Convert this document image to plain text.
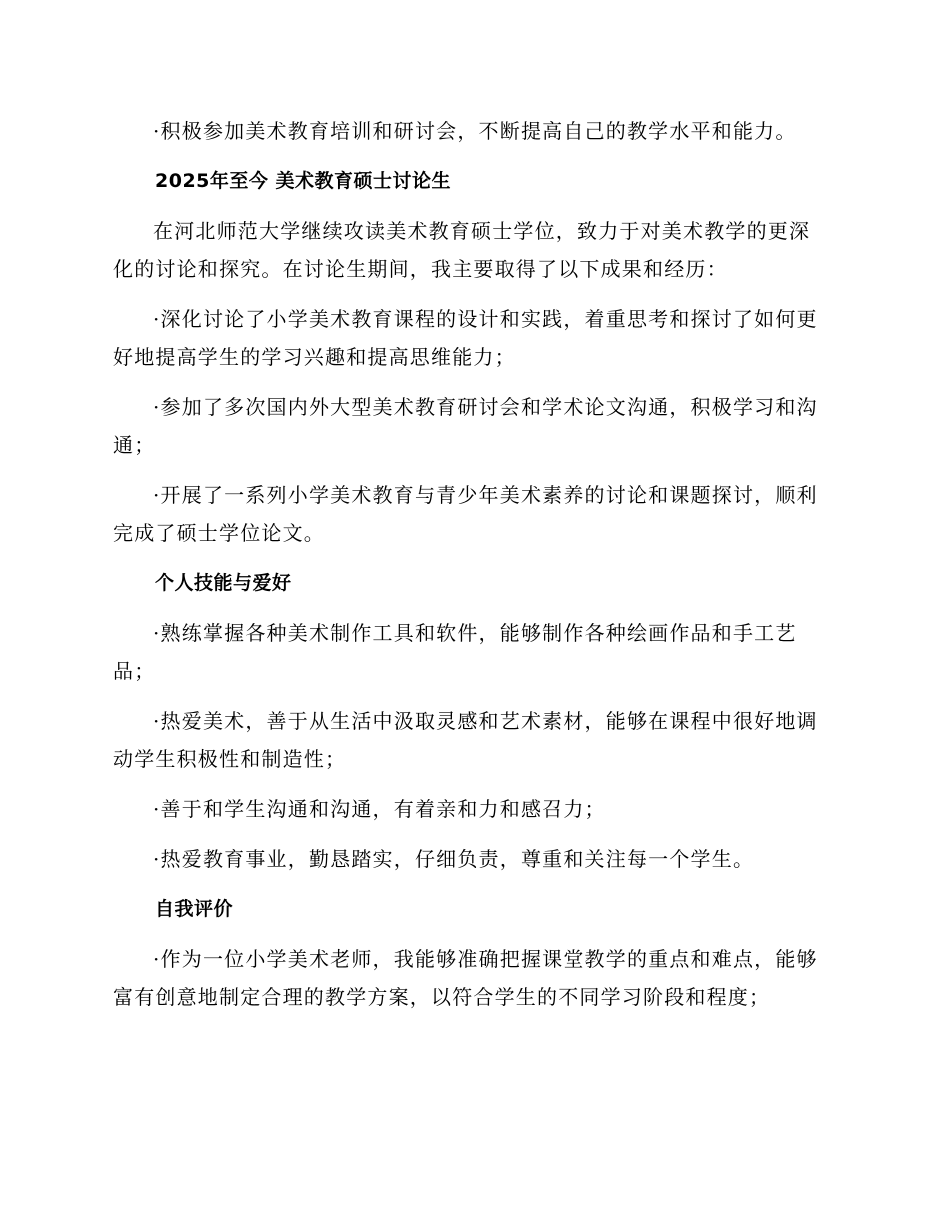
·积极参加美术教育培训和研讨会，不断提高自己的教学水平和能力。

2025年至今 美术教育硕士讨论生

在河北师范大学继续攻读美术教育硕士学位，致力于对美术教学的更深化的讨论和探究。在讨论生期间，我主要取得了以下成果和经历：

·深化讨论了小学美术教育课程的设计和实践，着重思考和探讨了如何更好地提高学生的学习兴趣和提高思维能力；

·参加了多次国内外大型美术教育研讨会和学术论文沟通，积极学习和沟通；

·开展了一系列小学美术教育与青少年美术素养的讨论和课题探讨，顺利完成了硕士学位论文。

个人技能与爱好

·熟练掌握各种美术制作工具和软件，能够制作各种绘画作品和手工艺品；

·热爱美术，善于从生活中汲取灵感和艺术素材，能够在课程中很好地调动学生积极性和制造性；

·善于和学生沟通和沟通，有着亲和力和感召力；

·热爱教育事业，勤恳踏实，仔细负责，尊重和关注每一个学生。

自我评价

·作为一位小学美术老师，我能够准确把握课堂教学的重点和难点，能够富有创意地制定合理的教学方案，以符合学生的不同学习阶段和程度；
